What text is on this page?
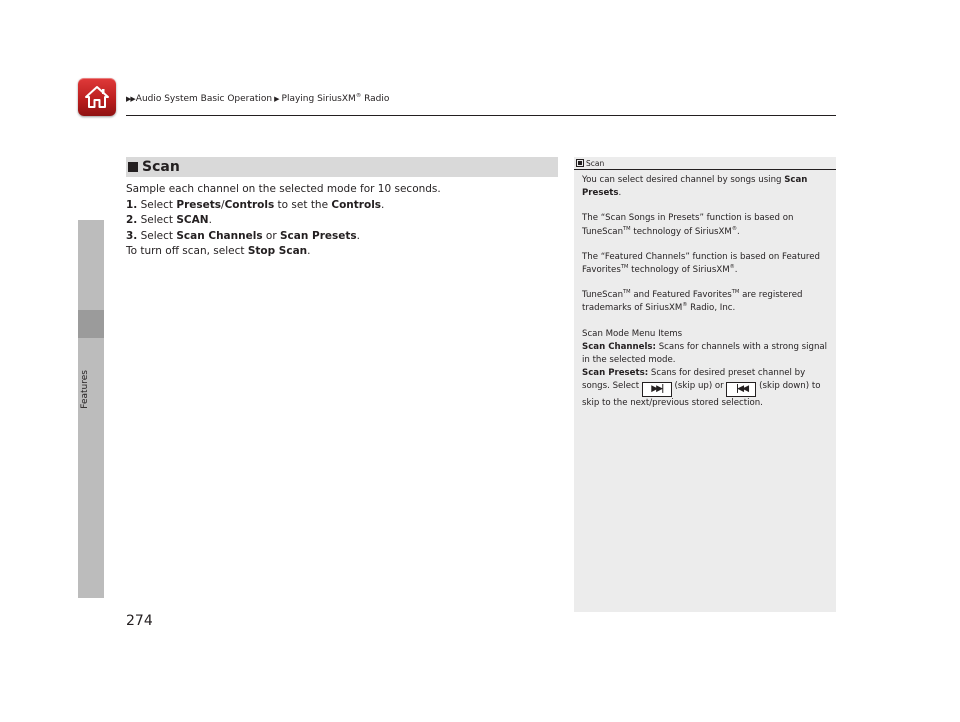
▶▶ Audio System Basic Operation ▶ Playing SiriusXM® Radio
Features
Scan
Sample each channel on the selected mode for 10 seconds.
1. Select Presets/Controls to set the Controls.
2. Select SCAN.
3. Select Scan Channels or Scan Presets.
To turn off scan, select Stop Scan.
Scan

You can select desired channel by songs using Scan Presets.

The “Scan Songs in Presets” function is based on TuneScan™ technology of SiriusXM®.

The “Featured Channels” function is based on Featured Favorites™ technology of SiriusXM®.

TuneScan™ and Featured Favorites™ are registered trademarks of SiriusXM® Radio, Inc.

Scan Mode Menu Items

Scan Channels: Scans for channels with a strong signal in the selected mode.

Scan Presets: Scans for desired preset channel by songs. Select ▶▶| (skip up) or |◀◀ (skip down) to skip to the next/previous stored selection.

274
